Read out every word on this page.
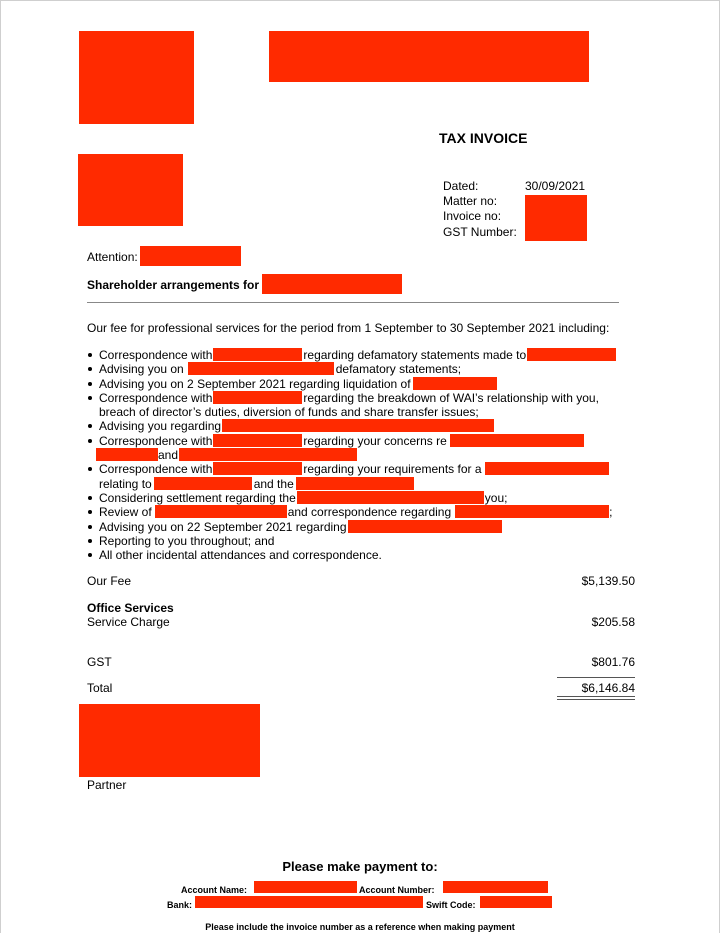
TAX INVOICE
Dated:	30/09/2021
Matter no:
Invoice no:
GST Number:
Attention:
Shareholder arrangements for
Our fee for professional services for the period from 1 September to 30 September 2021 including:
Correspondence with	regarding defamatory statements made to
Advising you on	defamatory statements;
Advising you on 2 September 2021 regarding liquidation of
Correspondence with	regarding the breakdown of WAI’s relationship with you,
breach of director’s duties, diversion of funds and share transfer issues;
Advising you regarding
Correspondence with	regarding your concerns re
and
Correspondence with	regarding your requirements for a
relating to	and the
Considering settlement regarding the	you;
Review of	and correspondence regarding	;
Advising you on 22 September 2021 regarding
Reporting to you throughout; and
All other incidental attendances and correspondence.
Our Fee	$5,139.50
Office Services
Service Charge	$205.58
GST	$801.76
Total	$6,146.84
Partner
Please make payment to:
Account Name:	Account Number:
Bank:	Swift Code:
Please include the invoice number as a reference when making payment
